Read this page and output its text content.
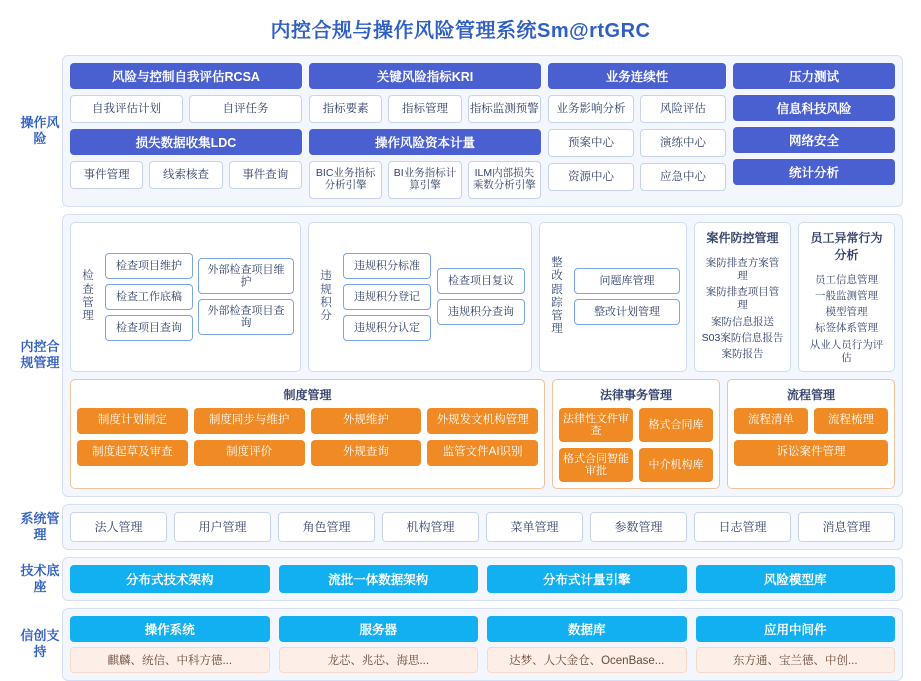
内控合规与操作风险管理系统Sm@rtGRC
操作风险
风险与控制自我评估RCSA
自我评估计划	自评任务
损失数据收集LDC
事件管理	线索核查	事件查询
关键风险指标KRI
指标要素	指标管理	指标监测预警
操作风险资本计量
BIC业务指标分析引擎
BI业务指标计算引擎
ILM内部损失乘数分析引擎
业务连续性
业务影响分析	风险评估
预案中心	演练中心
资源中心	应急中心
压力测试
信息科技风险
网络安全
统计分析
内控合规管理
检查管理
检查项目维护
检查工作底稿
检查项目查询
外部检查项目维护
外部检查项目查询
违规积分
违规积分标准
违规积分登记
违规积分认定
检查项目复议
违规积分查询
整改跟踪管理
问题库管理
整改计划管理
案件防控管理
案防排查方案管理
案防排查项目管理
案防信息报送
S03案防信息报告
案防报告
员工异常行为分析
员工信息管理
一般监测管理
模型管理
标签体系管理
从业人员行为评估
制度管理
制度计划制定	制度同步与维护	外规维护	外规发文机构管理
制度起草及审查	制度评价	外规查询	监管文件AI识别
法律事务管理
法律性文件审查
格式合同库
格式合同智能审批
中介机构库
流程管理
流程清单	流程梳理
诉讼案件管理
系统管理	法人管理	用户管理	角色管理	机构管理	菜单管理	参数管理	日志管理	消息管理
技术底座	分布式技术架构	流批一体数据架构	分布式计量引擎	风险模型库
信创支持
操作系统
麒麟、统信、中科方德...
服务器
龙芯、兆芯、海思...
数据库
达梦、人大金仓、OcenBase...
应用中间件
东方通、宝兰德、中创...
